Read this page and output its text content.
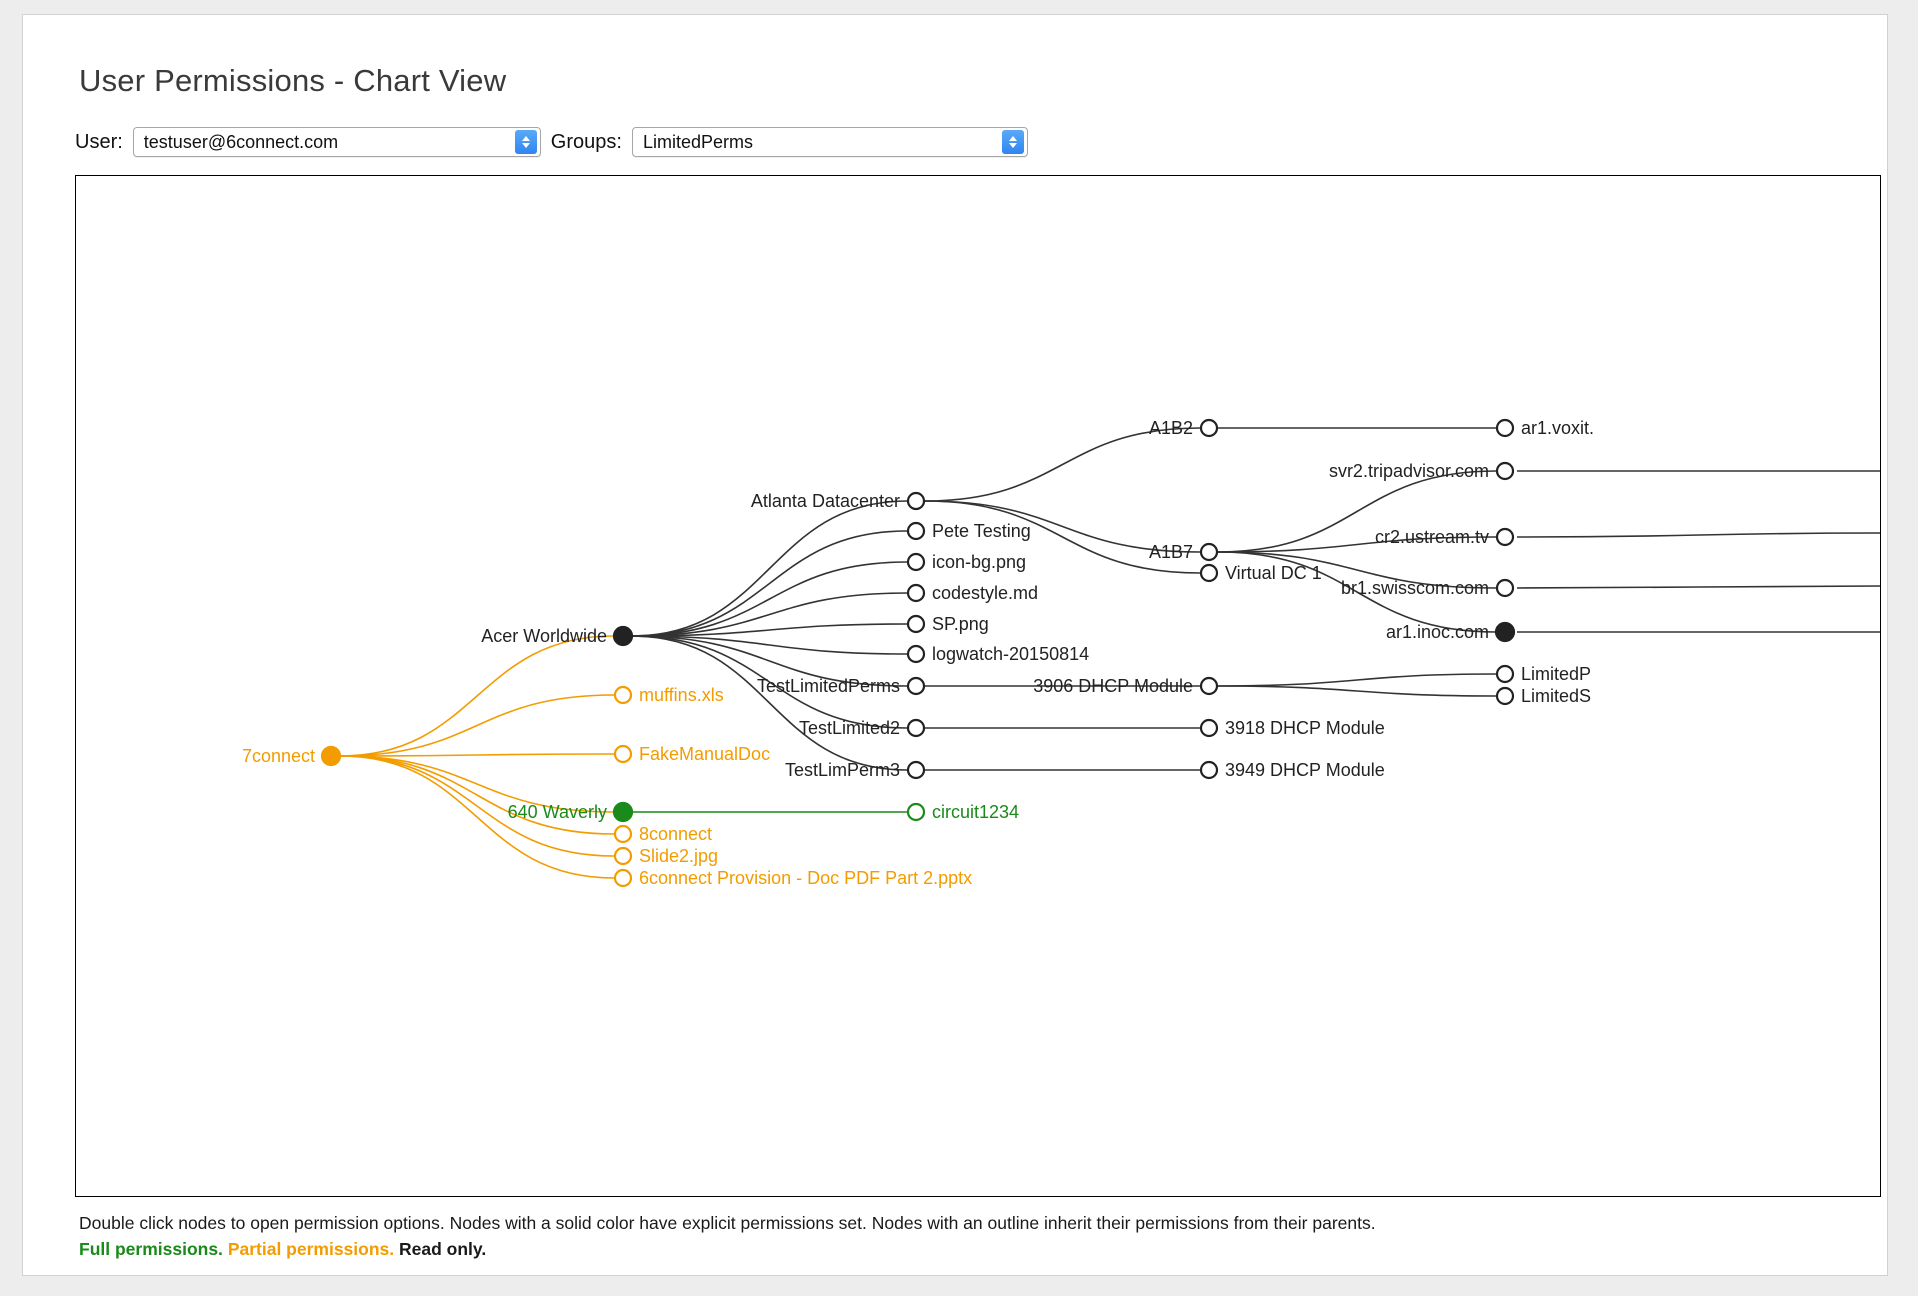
User Permissions - Chart View
User:	testuser@6connect.com	Groups:	LimitedPerms
7connect
Acer Worldwide
muffins.xls
FakeManualDoc
640 Waverly
8connect
Slide2.jpg
6connect Provision - Doc PDF Part 2.pptx
circuit1234
Atlanta Datacenter
Pete Testing
icon-bg.png
codestyle.md
SP.png
logwatch-20150814
TestLimitedPerms
TestLimited2
TestLimPerm3
A1B2
A1B7
Virtual DC 1
3906 DHCP Module
3918 DHCP Module
3949 DHCP Module
ar1.voxit.
svr2.tripadvisor.com
cr2.ustream.tv
br1.swisscom.com
ar1.inoc.com
LimitedP
LimitedS
Double click nodes to open permission options. Nodes with a solid color have explicit permissions set. Nodes with an outline inherit their permissions from their parents.
Full permissions. Partial permissions. Read only.
